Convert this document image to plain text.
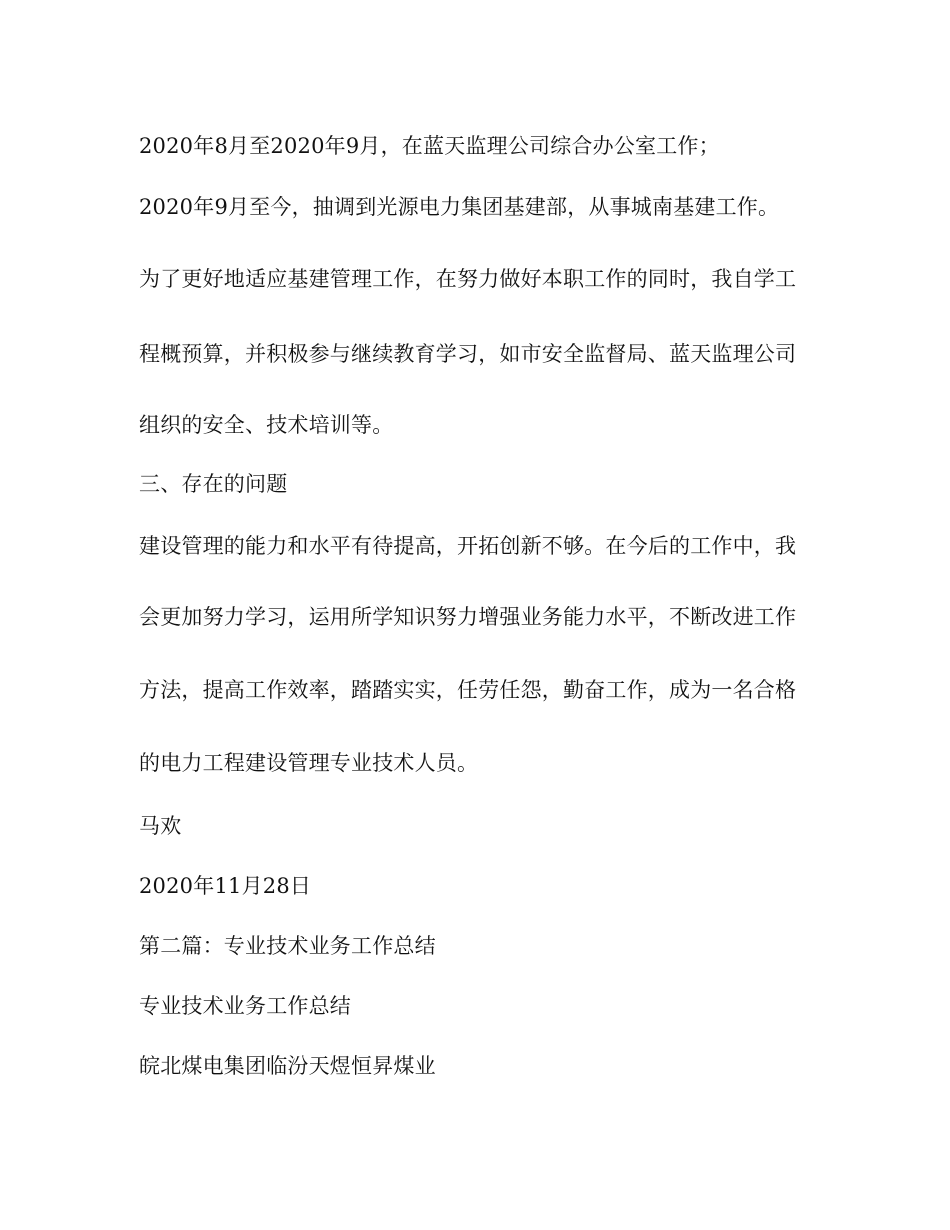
2020年8月至2020年9月，在蓝天监理公司综合办公室工作；
2020年9月至今，抽调到光源电力集团基建部，从事城南基建工作。
为了更好地适应基建管理工作，在努力做好本职工作的同时，我自学工
程概预算，并积极参与继续教育学习，如市安全监督局、蓝天监理公司
组织的安全、技术培训等。
三、存在的问题
建设管理的能力和水平有待提高，开拓创新不够。在今后的工作中，我
会更加努力学习，运用所学知识努力增强业务能力水平，不断改进工作
方法，提高工作效率，踏踏实实，任劳任怨，勤奋工作，成为一名合格
的电力工程建设管理专业技术人员。
马欢
2020年11月28日
第二篇：专业技术业务工作总结
专业技术业务工作总结
皖北煤电集团临汾天煜恒昇煤业
